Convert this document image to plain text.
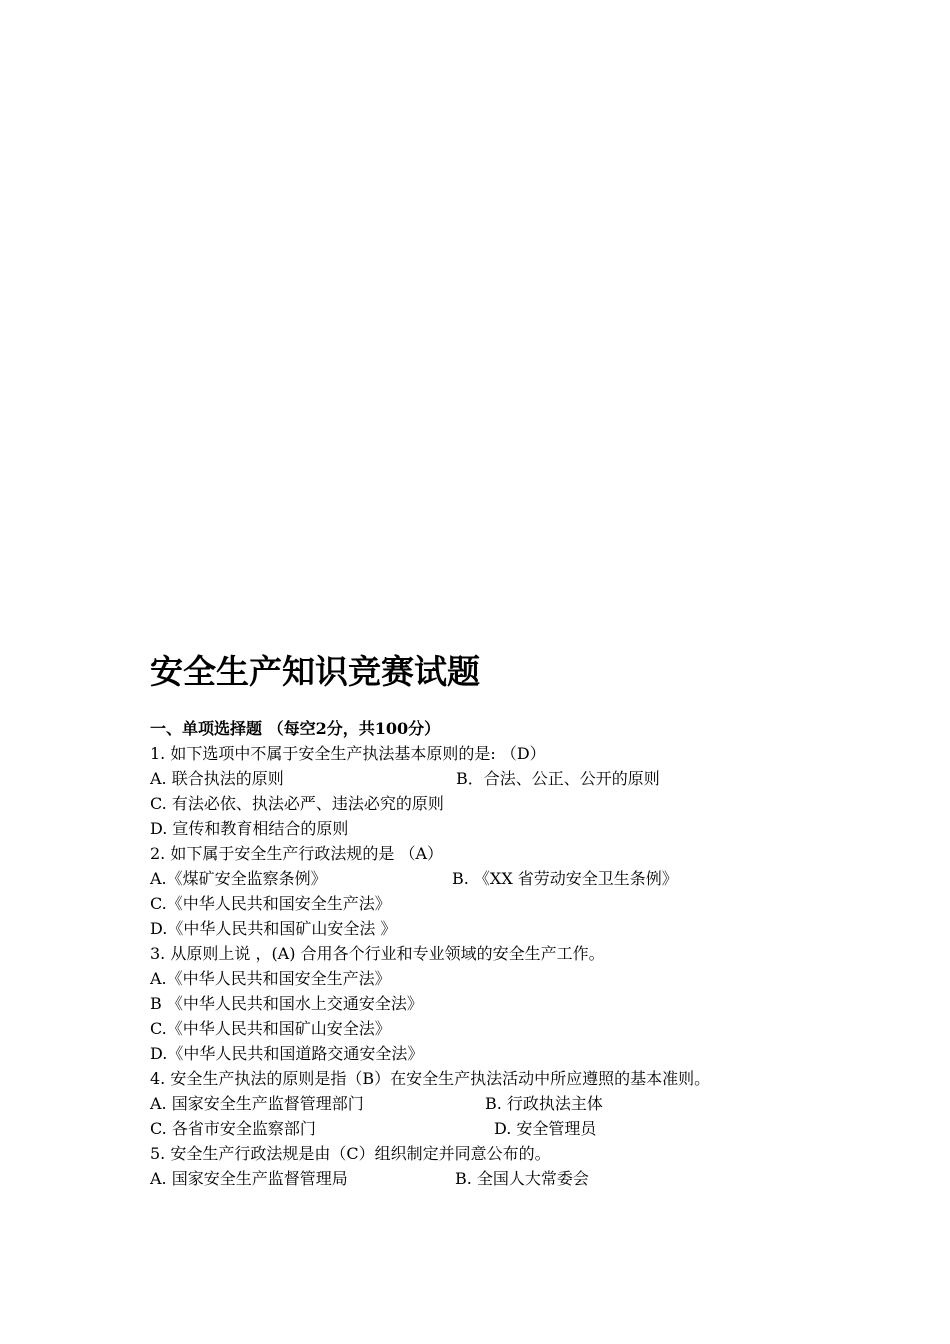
安全生产知识竞赛试题
一、单项选择题 （每空2分，共100分）
1. 如下选项中不属于安全生产执法基本原则的是: （D）
A. 联合执法的原则	B．合法、公正、公开的原则
C. 有法必依、执法必严、违法必究的原则
D. 宣传和教育相结合的原则
2. 如下属于安全生产行政法规的是 （A）
A.《煤矿安全监察条例》	B. 《XX 省劳动安全卫生条例》
C.《中华人民共和国安全生产法》
D.《中华人民共和国矿山安全法 》
3. 从原则上说 ，(A) 合用各个行业和专业领域的安全生产工作。
A.《中华人民共和国安全生产法》
B 《中华人民共和国水上交通安全法》
C.《中华人民共和国矿山安全法》
D.《中华人民共和国道路交通安全法》
4. 安全生产执法的原则是指（B）在安全生产执法活动中所应遵照的基本准则。
A. 国家安全生产监督管理部门	B. 行政执法主体
C. 各省市安全监察部门	D. 安全管理员
5. 安全生产行政法规是由（C）组织制定并同意公布的。
A. 国家安全生产监督管理局	B. 全国人大常委会
